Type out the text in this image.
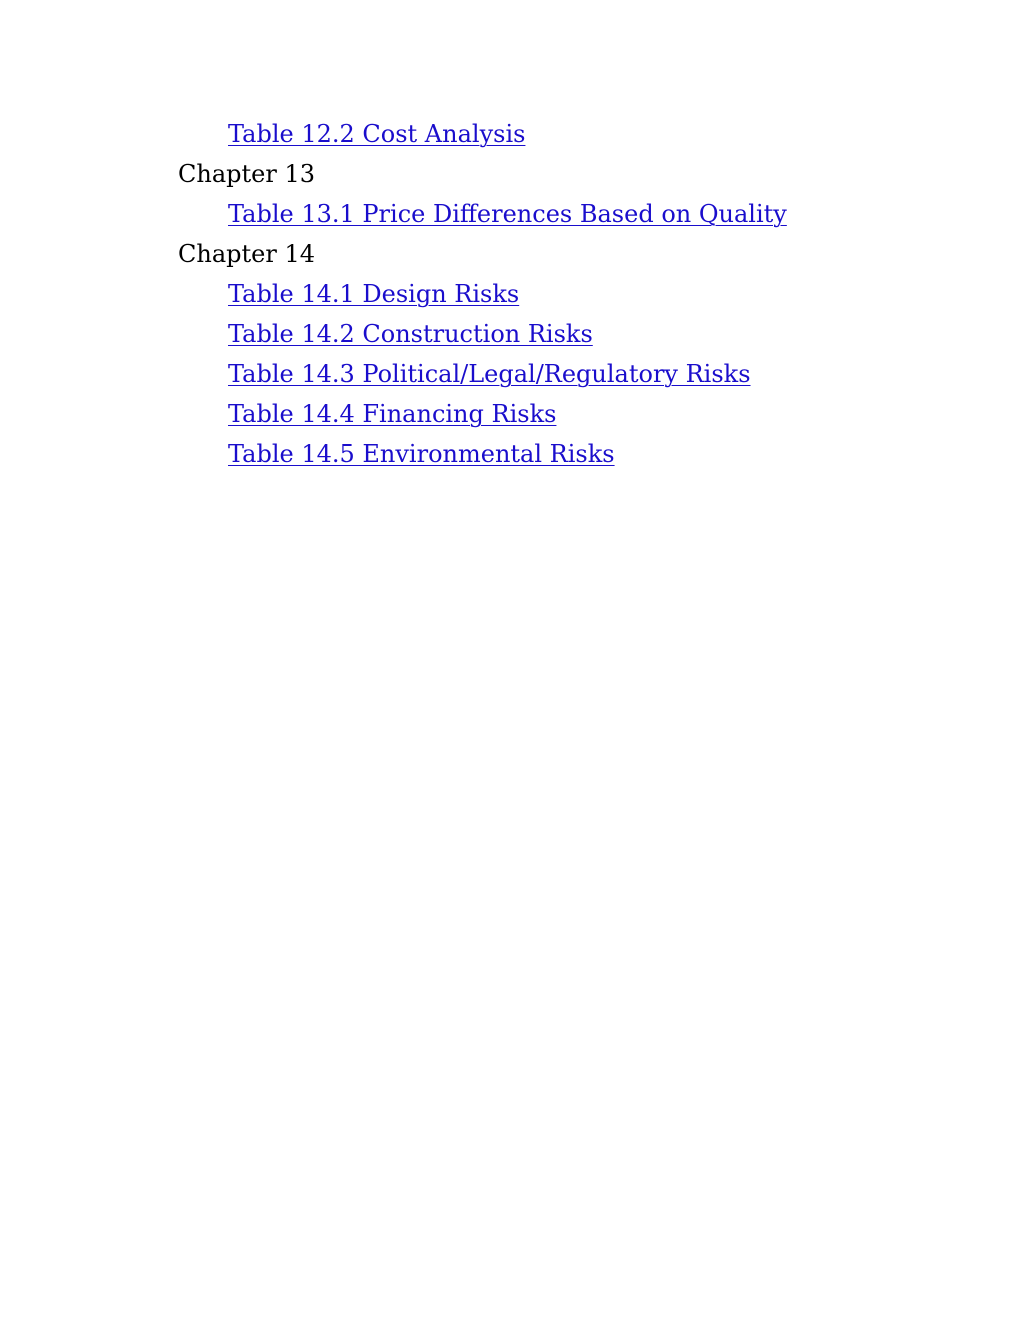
Table 12.2 Cost Analysis
Chapter 13
Table 13.1 Price Differences Based on Quality
Chapter 14
Table 14.1 Design Risks
Table 14.2 Construction Risks
Table 14.3 Political/Legal/Regulatory Risks
Table 14.4 Financing Risks
Table 14.5 Environmental Risks
